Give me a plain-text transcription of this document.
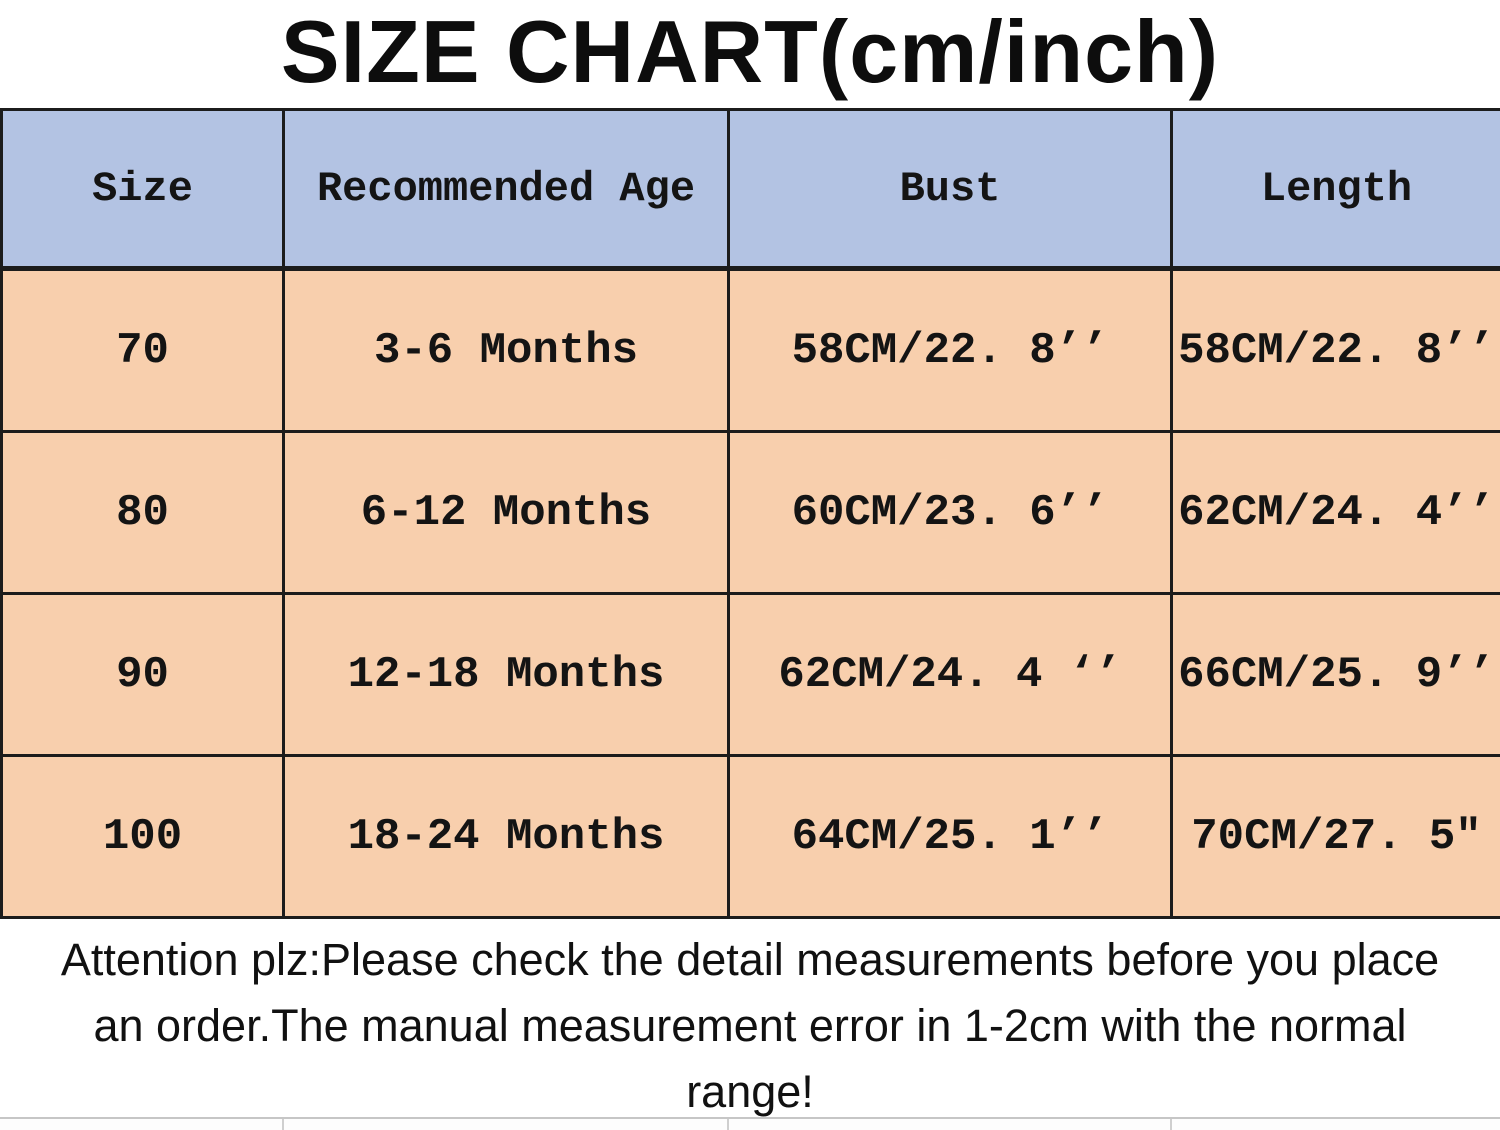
SIZE CHART(cm/inch)
Size	Recommended Age	Bust	Length
70	3-6 Months	58CM/22. 8’’	58CM/22. 8’’
80	6-12 Months	60CM/23. 6’’	62CM/24. 4’’
90	12-18 Months	62CM/24. 4 ‘’	66CM/25. 9’’
100	18-24 Months	64CM/25. 1’’	70CM/27. 5″
Attention plz:Please check the detail measurements before you place
an order.The manual measurement error in 1-2cm with the normal
range!
